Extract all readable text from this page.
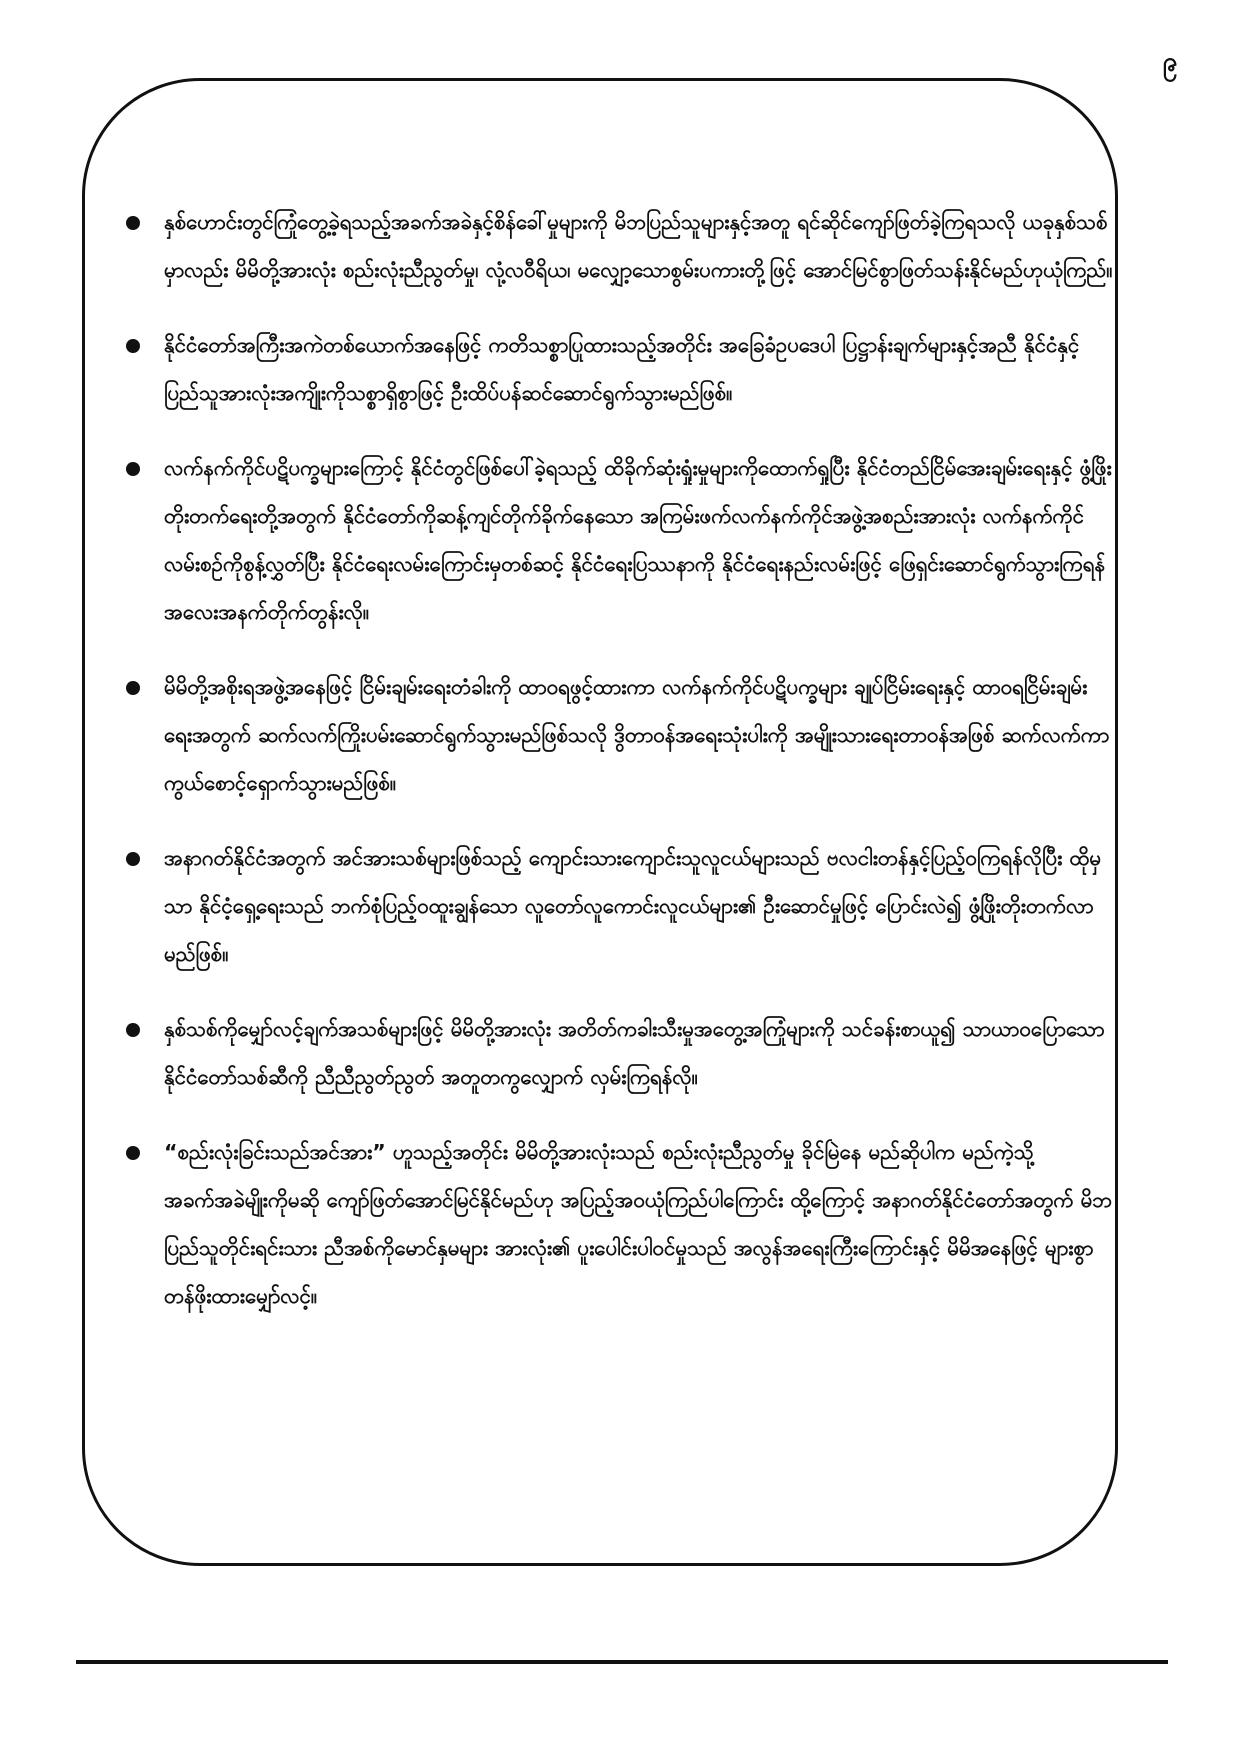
၉
နှစ်ဟောင်းတွင်ကြုံတွေ့ခဲ့ရသည့်အခက်အခဲနှင့်စိန်ခေါ်မှုများကို မိဘပြည်သူများနှင့်အတူ ရင်ဆိုင်ကျော်ဖြတ်ခဲ့ကြရသလို ယခုနှစ်သစ်မှာလည်း မိမိတို့အားလုံး စည်းလုံးညီညွတ်မှု၊ လုံ့လဝီရိယ၊ မလျှော့သောစွမ်းပကားတို့ဖြင့် အောင်မြင်စွာဖြတ်သန်းနိုင်မည်ဟုယုံကြည်။
နိုင်ငံတော်အကြီးအကဲတစ်ယောက်အနေဖြင့် ကတိသစ္စာပြုထားသည့်အတိုင်း အခြေခံဥပဒေပါ ပြဋ္ဌာန်းချက်များနှင့်အညီ နိုင်ငံနှင့်ပြည်သူအားလုံးအကျိုးကိုသစ္စာရှိစွာဖြင့် ဦးထိပ်ပန်ဆင်ဆောင်ရွက်သွားမည်ဖြစ်။
လက်နက်ကိုင်ပဋိပက္ခများကြောင့် နိုင်ငံတွင်ဖြစ်ပေါ်ခဲ့ရသည့် ထိခိုက်ဆုံးရှုံးမှုများကိုထောက်ရှုပြီး နိုင်ငံတည်ငြိမ်အေးချမ်းရေးနှင့် ဖွံ့ဖြိုးတိုးတက်ရေးတို့အတွက် နိုင်ငံတော်ကိုဆန့်ကျင်တိုက်ခိုက်နေသော အကြမ်းဖက်လက်နက်ကိုင်အဖွဲ့အစည်းအားလုံး လက်နက်ကိုင်လမ်းစဉ်ကိုစွန့်လွှတ်ပြီး နိုင်ငံရေးလမ်းကြောင်းမှတစ်ဆင့် နိုင်ငံရေးပြဿနာကို နိုင်ငံရေးနည်းလမ်းဖြင့် ဖြေရှင်းဆောင်ရွက်သွားကြရန် အလေးအနက်တိုက်တွန်းလို။
မိမိတို့အစိုးရအဖွဲ့အနေဖြင့် ငြိမ်းချမ်းရေးတံခါးကို ထာဝရဖွင့်ထားကာ လက်နက်ကိုင်ပဋိပက္ခများ ချုပ်ငြိမ်းရေးနှင့် ထာဝရငြိမ်းချမ်းရေးအတွက် ဆက်လက်ကြိုးပမ်းဆောင်ရွက်သွားမည်ဖြစ်သလို ဒွိတာဝန်အရေးသုံးပါးကို အမျိုးသားရေးတာဝန်အဖြစ် ဆက်လက်ကာကွယ်စောင့်ရှောက်သွားမည်ဖြစ်။
အနာဂတ်နိုင်ငံအတွက် အင်အားသစ်များဖြစ်သည့် ကျောင်းသားကျောင်းသူလူငယ်များသည် ဗလငါးတန်နှင့်ပြည့်ဝကြရန်လိုပြီး ထိုမှသာ နိုင်ငံ့ရှေ့ရေးသည် ဘက်စုံပြည့်ဝထူးချွန်သော လူတော်လူကောင်းလူငယ်များ၏ ဦးဆောင်မှုဖြင့် ပြောင်းလဲ၍ ဖွံ့ဖြိုးတိုးတက်လာမည်ဖြစ်။
နှစ်သစ်ကိုမျှော်လင့်ချက်အသစ်များဖြင့် မိမိတို့အားလုံး အတိတ်ကခါးသီးမှုအတွေ့အကြုံများကို သင်ခန်းစာယူ၍ သာယာဝပြောသော နိုင်ငံတော်သစ်ဆီကို ညီညီညွတ်ညွတ် အတူတကွလျှောက် လှမ်းကြရန်လို။
“စည်းလုံးခြင်းသည်အင်အား” ဟူသည့်အတိုင်း မိမိတို့အားလုံးသည် စည်းလုံးညီညွတ်မှု ခိုင်မြဲနေ မည်ဆိုပါက မည်ကဲ့သို့အခက်အခဲမျိုးကိုမဆို ကျော်ဖြတ်အောင်မြင်နိုင်မည်ဟု အပြည့်အဝယုံကြည်ပါကြောင်း ထို့ကြောင့် အနာဂတ်နိုင်ငံတော်အတွက် မိဘပြည်သူတိုင်းရင်းသား ညီအစ်ကိုမောင်နှမများ အားလုံး၏ ပူးပေါင်းပါဝင်မှုသည် အလွန်အရေးကြီးကြောင်းနှင့် မိမိအနေဖြင့် များစွာတန်ဖိုးထားမျှော်လင့်။
